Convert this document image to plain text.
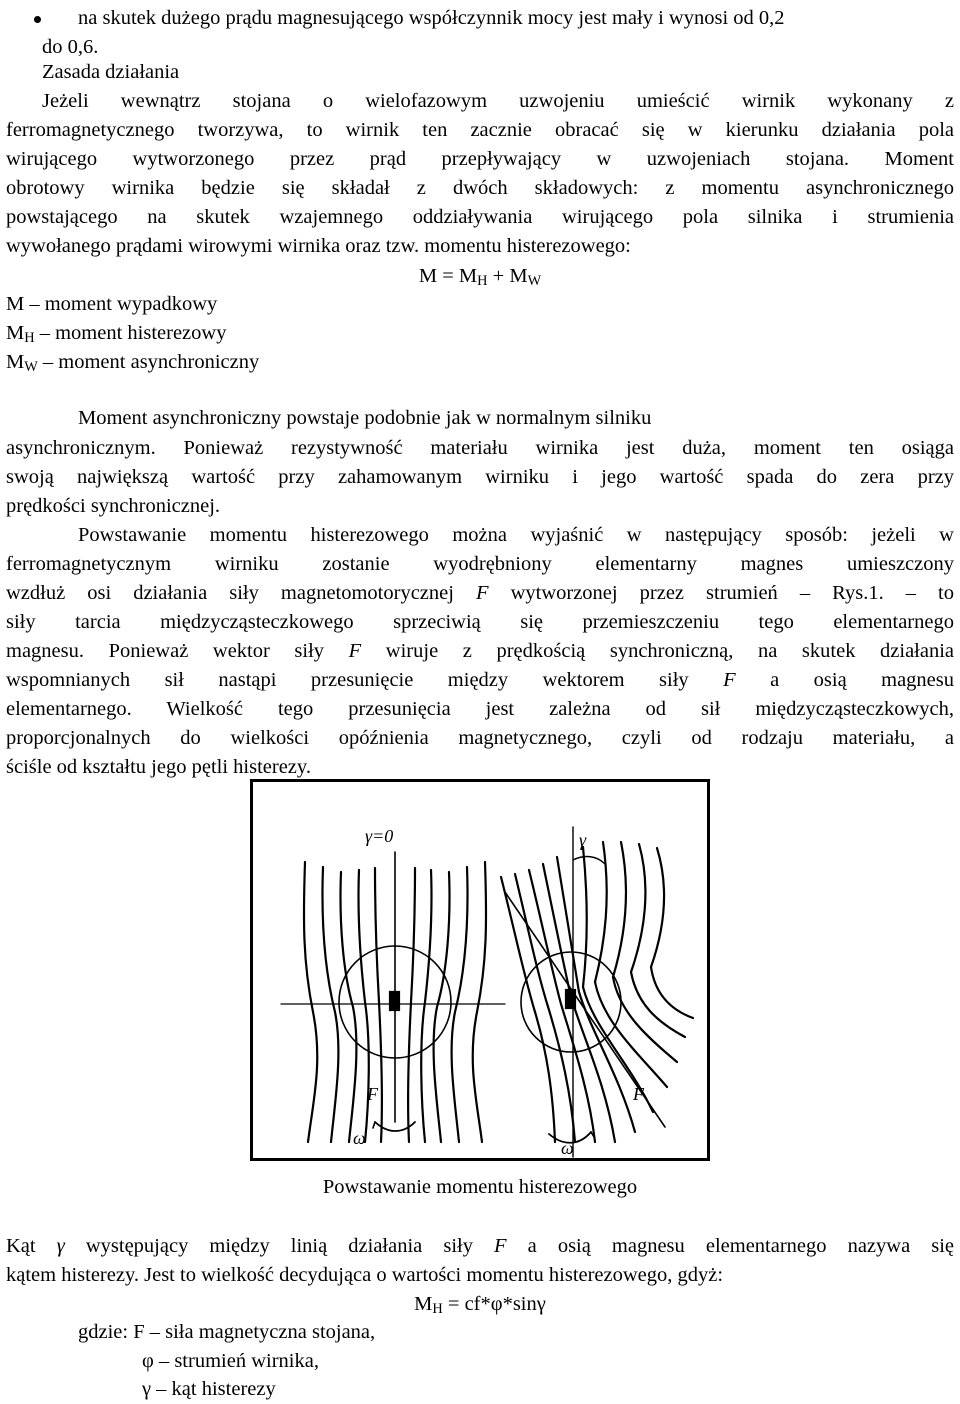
na skutek dużego prądu magnesującego współczynnik mocy jest mały i wynosi od 0,2
do 0,6.
Zasada działania
Jeżeli wewnątrz stojana o wielofazowym uzwojeniu umieścić wirnik wykonany z
ferromagnetycznego tworzywa, to wirnik ten zacznie obracać się w kierunku działania pola
wirującego wytworzonego przez prąd przepływający w uzwojeniach stojana. Moment
obrotowy wirnika będzie się składał z dwóch składowych: z momentu asynchronicznego
powstającego na skutek wzajemnego oddziaływania wirującego pola silnika i strumienia
wywołanego prądami wirowymi wirnika oraz tzw. momentu histerezowego:
$M = M_H + M_W$
M – moment wypadkowy
$M_H$ – moment histerezowy
$M_W$ – moment asynchroniczny
Moment asynchroniczny powstaje podobnie jak w normalnym silniku
asynchronicznym. Ponieważ rezystywność materiału wirnika jest duża, moment ten osiąga
swoją największą wartość przy zahamowanym wirniku i jego wartość spada do zera przy
prędkości synchronicznej.
Powstawanie momentu histerezowego można wyjaśnić w następujący sposób: jeżeli w
ferromagnetycznym wirniku zostanie wyodrębniony elementarny magnes umieszczony
wzdłuż osi działania siły magnetomotorycznej F wytworzonej przez strumień – Rys.1. – to
siły tarcia międzycząsteczkowego sprzeciwią się przemieszczeniu tego elementarnego
magnesu. Ponieważ wektor siły F wiruje z prędkością synchroniczną, na skutek działania
wspomnianych sił nastąpi przesunięcie między wektorem siły F a osią magnesu
elementarnego. Wielkość tego przesunięcia jest zależna od sił międzycząsteczkowych,
proporcjonalnych do wielkości opóźnienia magnetycznego, czyli od rodzaju materiału, a
ściśle od kształtu jego pętli histerezy.
γ=0	γ
F	F
ω	ω
Powstawanie momentu histerezowego
Kąt γ występujący między linią działania siły F a osią magnesu elementarnego nazywa się
kątem histerezy. Jest to wielkość decydująca o wartości momentu histerezowego, gdyż:
$M_H = cf*\varphi*\sin\gamma$
gdzie: F – siła magnetyczna stojana,
φ – strumień wirnika,
γ – kąt histerezy
